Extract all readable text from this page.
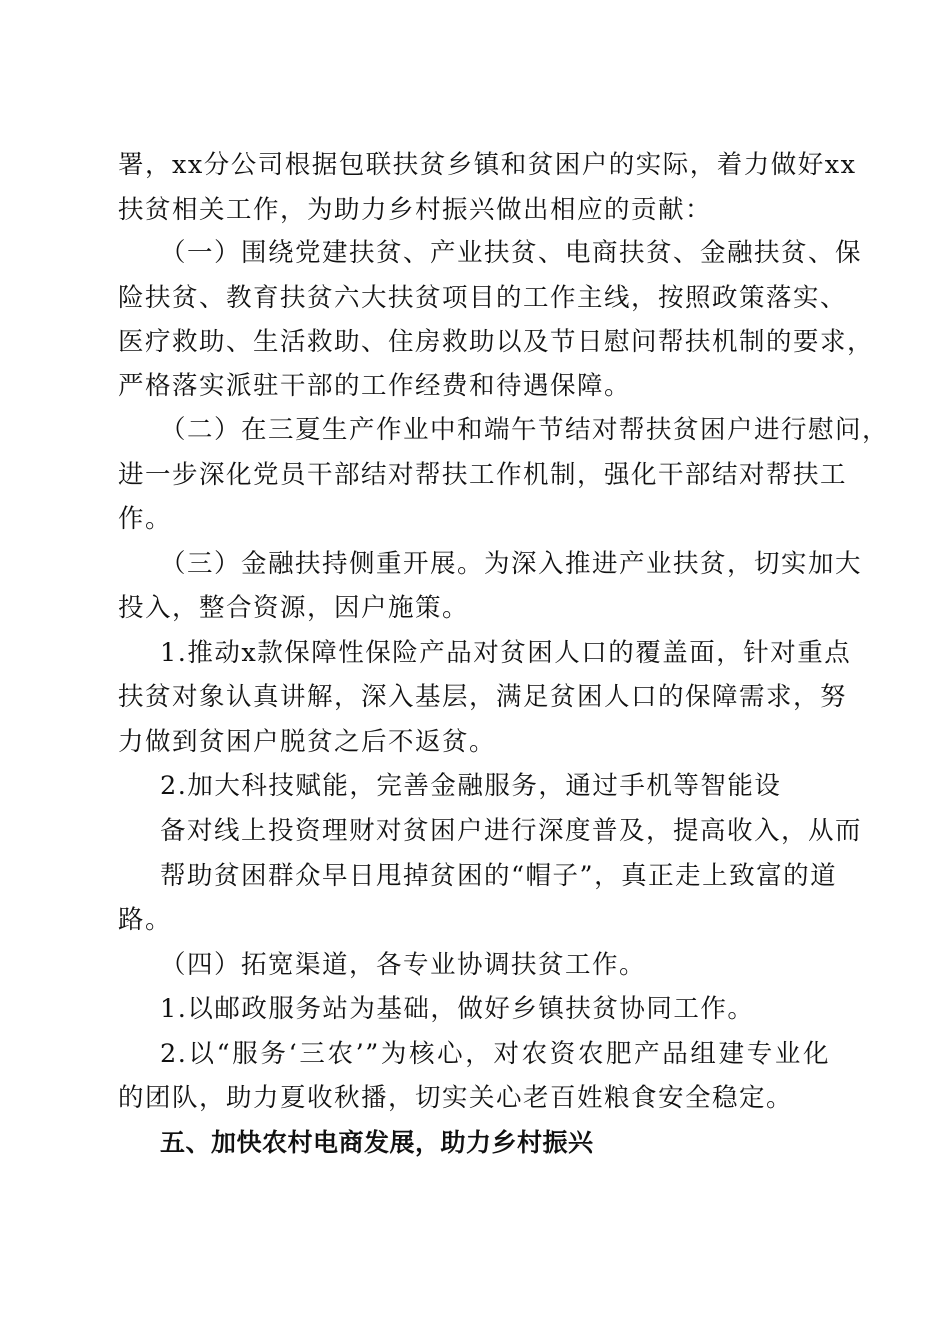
署，xx分公司根据包联扶贫乡镇和贫困户的实际，着力做好xx
扶贫相关工作，为助力乡村振兴做出相应的贡献：
（一）围绕党建扶贫、产业扶贫、电商扶贫、金融扶贫、保
险扶贫、教育扶贫六大扶贫项目的工作主线，按照政策落实、
医疗救助、生活救助、住房救助以及节日慰问帮扶机制的要求，
严格落实派驻干部的工作经费和待遇保障。
（二）在三夏生产作业中和端午节结对帮扶贫困户进行慰问，
进一步深化党员干部结对帮扶工作机制，强化干部结对帮扶工
作。
（三）金融扶持侧重开展。为深入推进产业扶贫，切实加大
投入，整合资源，因户施策。
1.推动x款保障性保险产品对贫困人口的覆盖面，针对重点
扶贫对象认真讲解，深入基层，满足贫困人口的保障需求，努
力做到贫困户脱贫之后不返贫。
2.加大科技赋能，完善金融服务，通过手机等智能设
备对线上投资理财对贫困户进行深度普及，提高收入，从而
帮助贫困群众早日甩掉贫困的“帽子”，真正走上致富的道
路。
（四）拓宽渠道，各专业协调扶贫工作。
1.以邮政服务站为基础，做好乡镇扶贫协同工作。
2.以“服务‘三农’”为核心，对农资农肥产品组建专业化
的团队，助力夏收秋播，切实关心老百姓粮食安全稳定。
五、加快农村电商发展，助力乡村振兴
